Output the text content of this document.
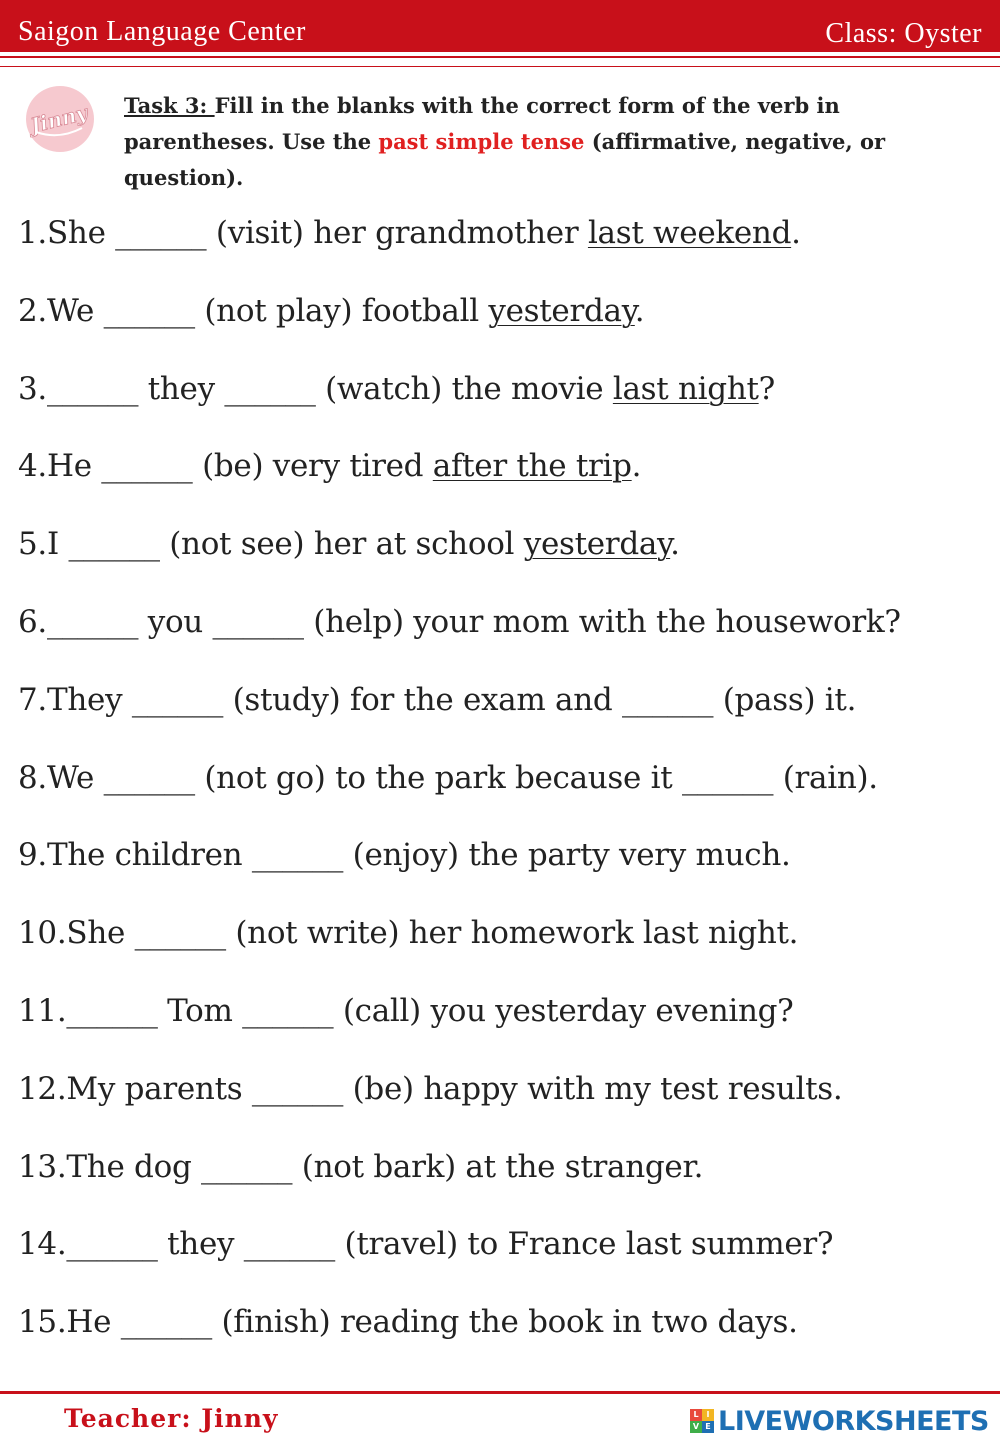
Saigon Language Center	Class: Oyster
Jinny Task 3: Fill in the blanks with the correct form of the verb in parentheses. Use the past simple tense (affirmative, negative, or question).
1.She ______ (visit) her grandmother last weekend.
2.We ______ (not play) football yesterday.
3.______ they ______ (watch) the movie last night?
4.He ______ (be) very tired after the trip.
5.I ______ (not see) her at school yesterday.
6.______ you ______ (help) your mom with the housework?
7.They ______ (study) for the exam and ______ (pass) it.
8.We ______ (not go) to the park because it ______ (rain).
9.The children ______ (enjoy) the party very much.
10.She ______ (not write) her homework last night.
11.______ Tom ______ (call) you yesterday evening?
12.My parents ______ (be) happy with my test results.
13.The dog ______ (not bark) at the stranger.
14.______ they ______ (travel) to France last summer?
15.He ______ (finish) reading the book in two days.
Teacher: Jinny	L I
V E LIVEWORKSHEETS
